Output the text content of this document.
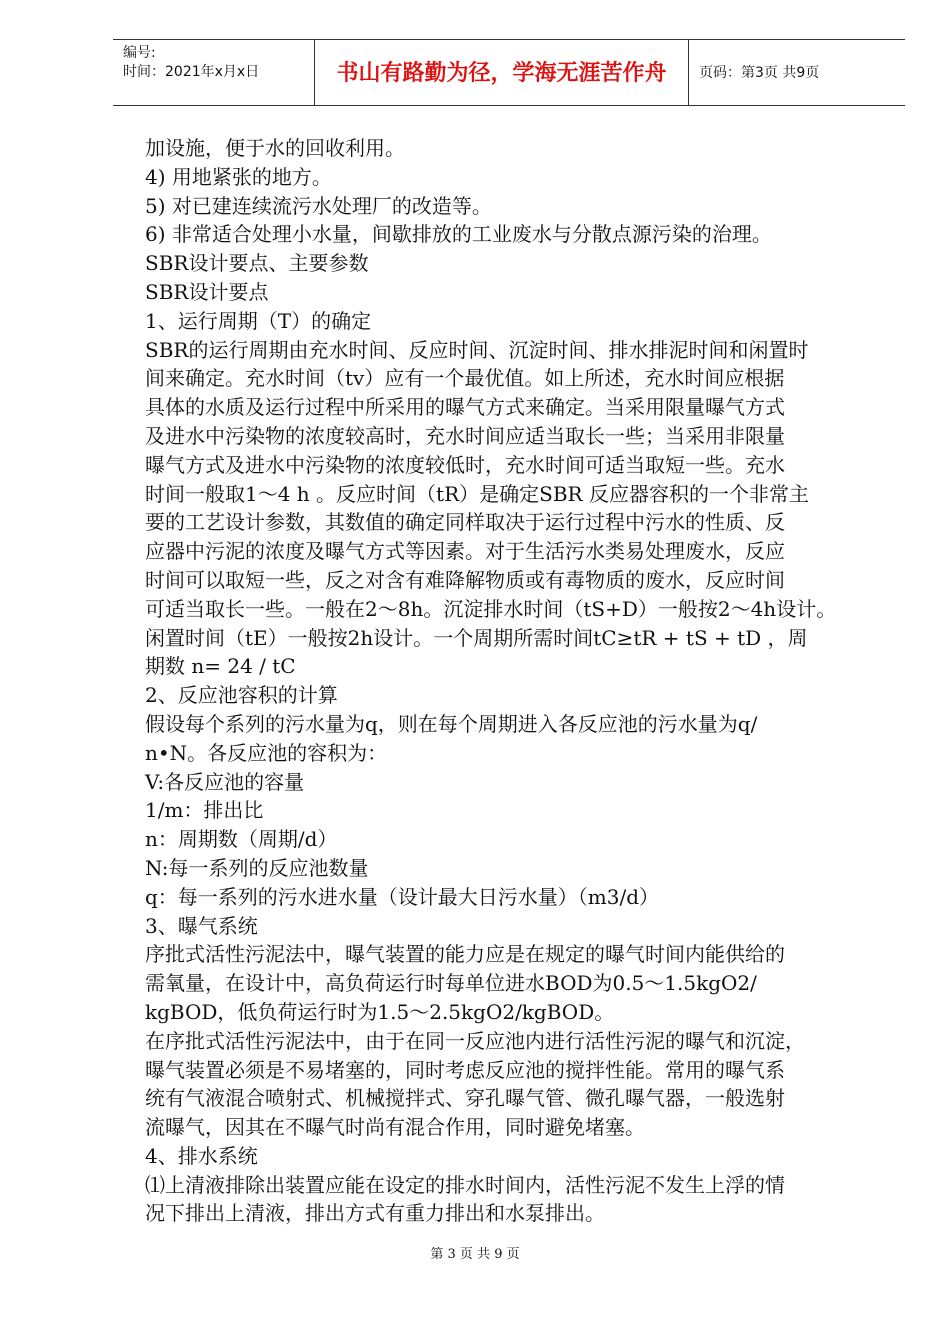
编号:
时间：2021年x月x日	书山有路勤为径，学海无涯苦作舟	页码：第3页 共9页
加设施，便于水的回收利用。
4) 用地紧张的地方。
5) 对已建连续流污水处理厂的改造等。
6) 非常适合处理小水量，间歇排放的工业废水与分散点源污染的治理。
SBR设计要点、主要参数
SBR设计要点
1、运行周期（T）的确定
SBR的运行周期由充水时间、反应时间、沉淀时间、排水排泥时间和闲置时
间来确定。充水时间（tv）应有一个最优值。如上所述，充水时间应根据
具体的水质及运行过程中所采用的曝气方式来确定。当采用限量曝气方式
及进水中污染物的浓度较高时，充水时间应适当取长一些；当采用非限量
曝气方式及进水中污染物的浓度较低时，充水时间可适当取短一些。充水
时间一般取1～4 h 。反应时间（tR）是确定SBR 反应器容积的一个非常主
要的工艺设计参数，其数值的确定同样取决于运行过程中污水的性质、反
应器中污泥的浓度及曝气方式等因素。对于生活污水类易处理废水，反应
时间可以取短一些，反之对含有难降解物质或有毒物质的废水，反应时间
可适当取长一些。一般在2～8h。沉淀排水时间（tS+D）一般按2～4h设计。
闲置时间（tE）一般按2h设计。一个周期所需时间tC≥tR + tS + tD ，周
期数 n= 24 / tC
2、反应池容积的计算
假设每个系列的污水量为q，则在每个周期进入各反应池的污水量为q/
n•N。各反应池的容积为：
V:各反应池的容量
1/m：排出比
n：周期数（周期/d）
N:每一系列的反应池数量
q：每一系列的污水进水量（设计最大日污水量）（m3/d）
3、曝气系统
序批式活性污泥法中，曝气装置的能力应是在规定的曝气时间内能供给的
需氧量，在设计中，高负荷运行时每单位进水BOD为0.5～1.5kgO2/
kgBOD，低负荷运行时为1.5～2.5kgO2/kgBOD。
在序批式活性污泥法中，由于在同一反应池内进行活性污泥的曝气和沉淀，
曝气装置必须是不易堵塞的，同时考虑反应池的搅拌性能。常用的曝气系
统有气液混合喷射式、机械搅拌式、穿孔曝气管、微孔曝气器，一般选射
流曝气，因其在不曝气时尚有混合作用，同时避免堵塞。
4、排水系统
⑴上清液排除出装置应能在设定的排水时间内，活性污泥不发生上浮的情
况下排出上清液，排出方式有重力排出和水泵排出。
第 3 页 共 9 页
